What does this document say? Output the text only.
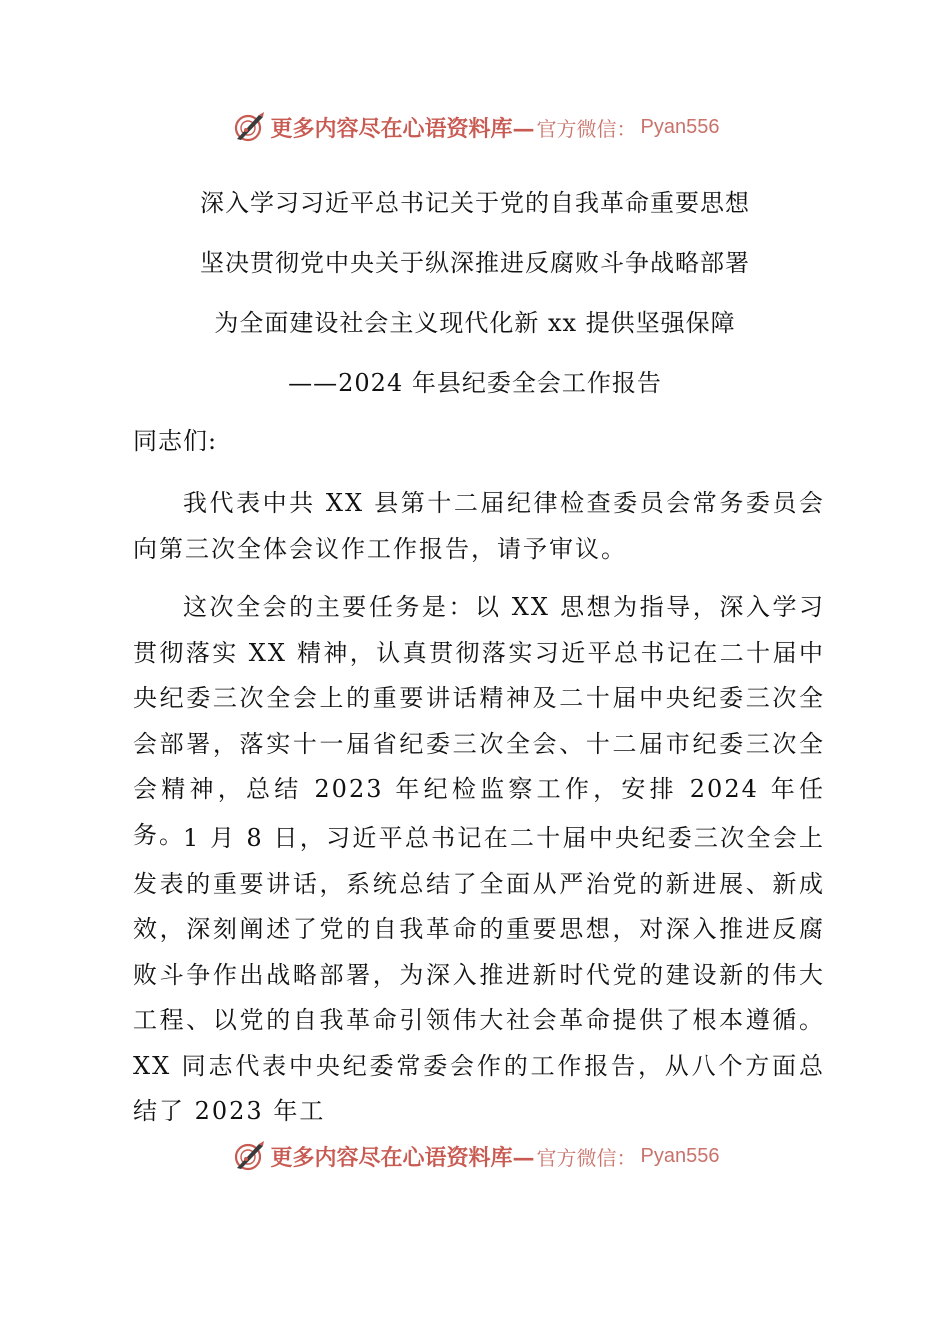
更多内容尽在心语资料库— 官方微信： Pyan556
深入学习习近平总书记关于党的自我革命重要思想
坚决贯彻党中央关于纵深推进反腐败斗争战略部署
为全面建设社会主义现代化新 xx 提供坚强保障
——2024 年县纪委全会工作报告
同志们:

我代表中共 XX 县第十二届纪律检查委员会常务委员会向第三次全体会议作工作报告，请予审议。

这次全会的主要任务是：以 XX 思想为指导，深入学习贯彻落实 XX 精神，认真贯彻落实习近平总书记在二十届中央纪委三次全会上的重要讲话精神及二十届中央纪委三次全会部署，落实十一届省纪委三次全会、十二届市纪委三次全会精神，总结 2023 年纪检监察工作，安排 2024 年任务。

1 月 8 日，习近平总书记在二十届中央纪委三次全会上发表的重要讲话，系统总结了全面从严治党的新进展、新成效，深刻阐述了党的自我革命的重要思想，对深入推进反腐败斗争作出战略部署，为深入推进新时代党的建设新的伟大工程、以党的自我革命引领伟大社会革命提供了根本遵循。XX 同志代表中央纪委常委会作的工作报告，从八个方面总结了 2023 年工

更多内容尽在心语资料库— 官方微信： Pyan556
